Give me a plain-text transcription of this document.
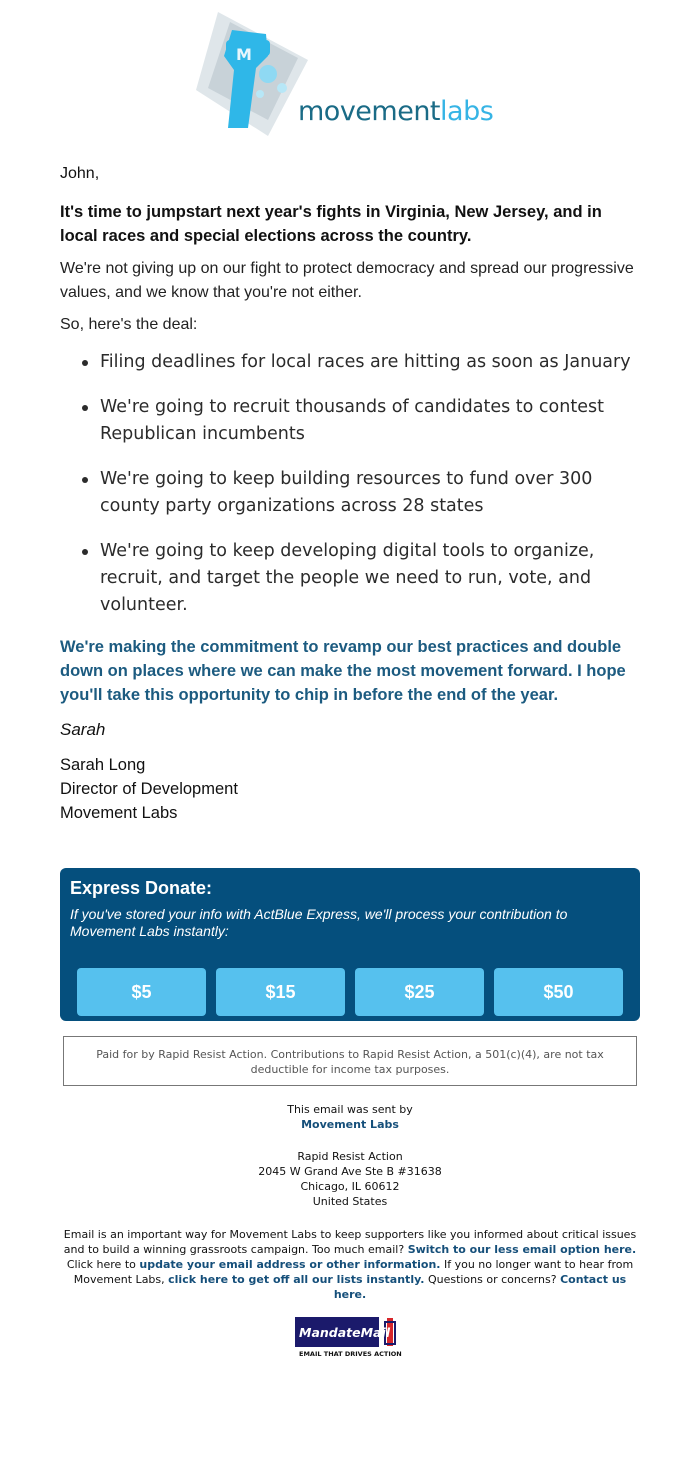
M
movementlabs
John,
It's time to jumpstart next year's fights in Virginia, New Jersey, and in local races and special elections across the country.
We're not giving up on our fight to protect democracy and spread our progressive values, and we know that you're not either.
So, here's the deal:
Filing deadlines for local races are hitting as soon as January
We're going to recruit thousands of candidates to contest Republican incumbents
We're going to keep building resources to fund over 300 county party organizations across 28 states
We're going to keep developing digital tools to organize, recruit, and target the people we need to run, vote, and volunteer.
We're making the commitment to revamp our best practices and double down on places where we can make the most movement forward. I hope you'll take this opportunity to chip in before the end of the year.
Sarah
Sarah Long
Director of Development
Movement Labs
Express Donate:
If you've stored your info with ActBlue Express, we'll process your contribution to Movement Labs instantly:
$5	$15	$25	$50
Paid for by Rapid Resist Action. Contributions to Rapid Resist Action, a 501(c)(4), are not tax deductible for income tax purposes.
This email was sent by
Movement Labs
Rapid Resist Action
2045 W Grand Ave Ste B #31638
Chicago, IL 60612
United States
Email is an important way for Movement Labs to keep supporters like you informed about critical issues and to build a winning grassroots campaign. Too much email? Switch to our less email option here. Click here to update your email address or other information. If you no longer want to hear from Movement Labs, click here to get off all our lists instantly. Questions or concerns? Contact us here.
MandateMail
EMAIL THAT DRIVES ACTION
